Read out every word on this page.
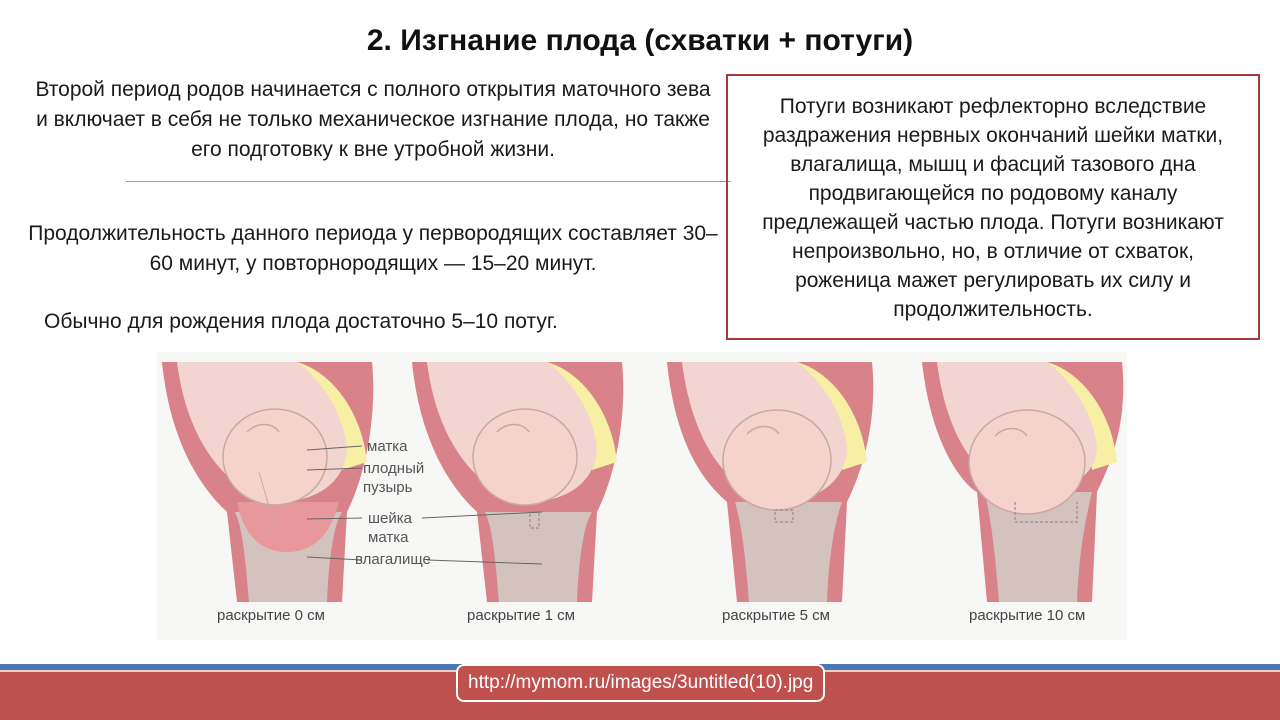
2. Изгнание плода (схватки + потуги)
Второй период родов начинается с полного открытия маточного зева и включает в себя не только механическое изгнание плода, но также его подготовку к вне утробной жизни.
Продолжительность данного периода у первородящих составляет 30–60 минут, у повторнородящих — 15–20 минут.
Обычно для рождения плода достаточно 5–10 потуг.
Потуги возникают рефлекторно вследствие раздражения нервных окончаний шейки матки, влагалища, мышц и фасций тазового дна продвигающейся по родовому каналу предлежащей частью плода. Потуги возникают непроизвольно, но, в отличие от схваток, роженица мажет регулировать их силу и продолжительность.
матка
плодный
пузырь
шейка
матка
влагалище
раскрытие 0 см	раскрытие 1 см	раскрытие 5 см	раскрытие 10 см
http://mymom.ru/images/3untitled(10).jpg
